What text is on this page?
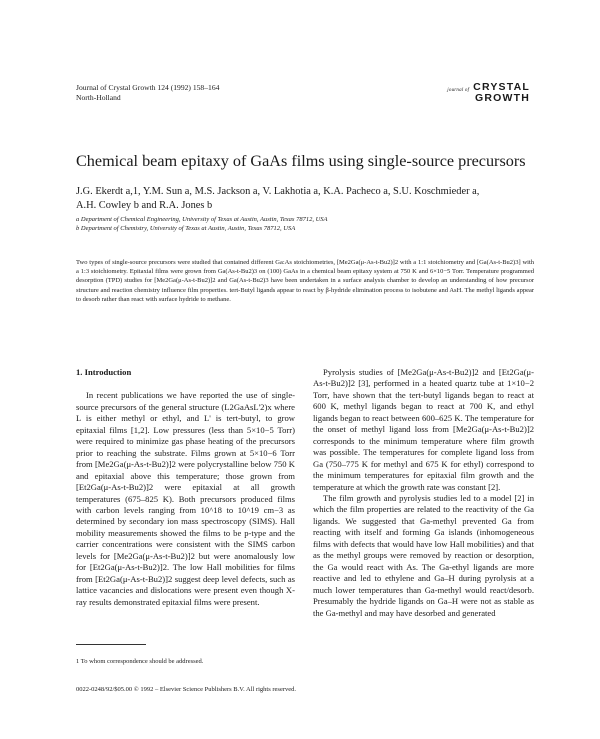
Journal of Crystal Growth 124 (1992) 158–164
North-Holland
journal of CRYSTAL
GROWTH
Chemical beam epitaxy of GaAs films using single-source precursors
J.G. Ekerdt a,1, Y.M. Sun a, M.S. Jackson a, V. Lakhotia a, K.A. Pacheco a, S.U. Koschmieder a,
A.H. Cowley b and R.A. Jones b
a Department of Chemical Engineering, University of Texas at Austin, Austin, Texas 78712, USA
b Department of Chemistry, University of Texas at Austin, Austin, Texas 78712, USA
Two types of single-source precursors were studied that contained different Ga:As stoichiometries, [Me2Ga(μ-As-t-Bu2)]2 with a 1:1 stoichiometry and [Ga(As-t-Bu2)3] with a 1:3 stoichiometry. Epitaxial films were grown from Ga(As-t-Bu2)3 on (100) GaAs in a chemical beam epitaxy system at 750 K and 6×10−5 Torr. Temperature programmed desorption (TPD) studies for [Me2Ga(μ-As-t-Bu2)]2 and Ga(As-t-Bu2)3 have been undertaken in a surface analysis chamber to develop an understanding of how precursor structure and reaction chemistry influence film properties. tert-Butyl ligands appear to react by β-hydride elimination process to isobutene and AsH. The methyl ligands appear to desorb rather than react with surface hydride to methane.
1. Introduction

In recent publications we have reported the use of single-source precursors of the general structure (L2GaAsL'2)x where L is either methyl or ethyl, and L' is tert-butyl, to grow epitaxial films [1,2]. Low pressures (less than 5×10−5 Torr) were required to minimize gas phase heating of the precursors prior to reaching the substrate. Films grown at 5×10−6 Torr from [Me2Ga(μ-As-t-Bu2)]2 were polycrystalline below 750 K and epitaxial above this temperature; those grown from [Et2Ga(μ-As-t-Bu2)]2 were epitaxial at all growth temperatures (675–825 K). Both precursors produced films with carbon levels ranging from 10^18 to 10^19 cm−3 as determined by secondary ion mass spectroscopy (SIMS). Hall mobility measurements showed the films to be p-type and the carrier concentrations were consistent with the SIMS carbon levels for [Me2Ga(μ-As-t-Bu2)]2 but were anomalously low for [Et2Ga(μ-As-t-Bu2)]2. The low Hall mobilities for films from [Et2Ga(μ-As-t-Bu2)]2 suggest deep level defects, such as lattice vacancies and dislocations were present even though X-ray results demonstrated epitaxial films were present.

Pyrolysis studies of [Me2Ga(μ-As-t-Bu2)]2 and [Et2Ga(μ-As-t-Bu2)]2 [3], performed in a heated quartz tube at 1×10−2 Torr, have shown that the tert-butyl ligands began to react at 600 K, methyl ligands began to react at 700 K, and ethyl ligands began to react between 600–625 K. The temperature for the onset of methyl ligand loss from [Me2Ga(μ-As-t-Bu2)]2 corresponds to the minimum temperature where film growth was possible. The temperatures for complete ligand loss from Ga (750–775 K for methyl and 675 K for ethyl) correspond to the minimum temperatures for epitaxial film growth and the temperature at which the growth rate was constant [2].

The film growth and pyrolysis studies led to a model [2] in which the film properties are related to the reactivity of the Ga ligands. We suggested that Ga-methyl prevented Ga from reacting with itself and forming Ga islands (inhomogeneous films with defects that would have low Hall mobilities) and that as the methyl groups were removed by reaction or desorption, the Ga would react with As. The Ga-ethyl ligands are more reactive and led to ethylene and Ga–H during pyrolysis at a much lower temperatures than Ga-methyl would react/desorb. Presumably the hydride ligands on Ga–H were not as stable as the Ga-methyl and may have desorbed and generated

1 To whom correspondence should be addressed.
0022-0248/92/$05.00 © 1992 – Elsevier Science Publishers B.V. All rights reserved.
